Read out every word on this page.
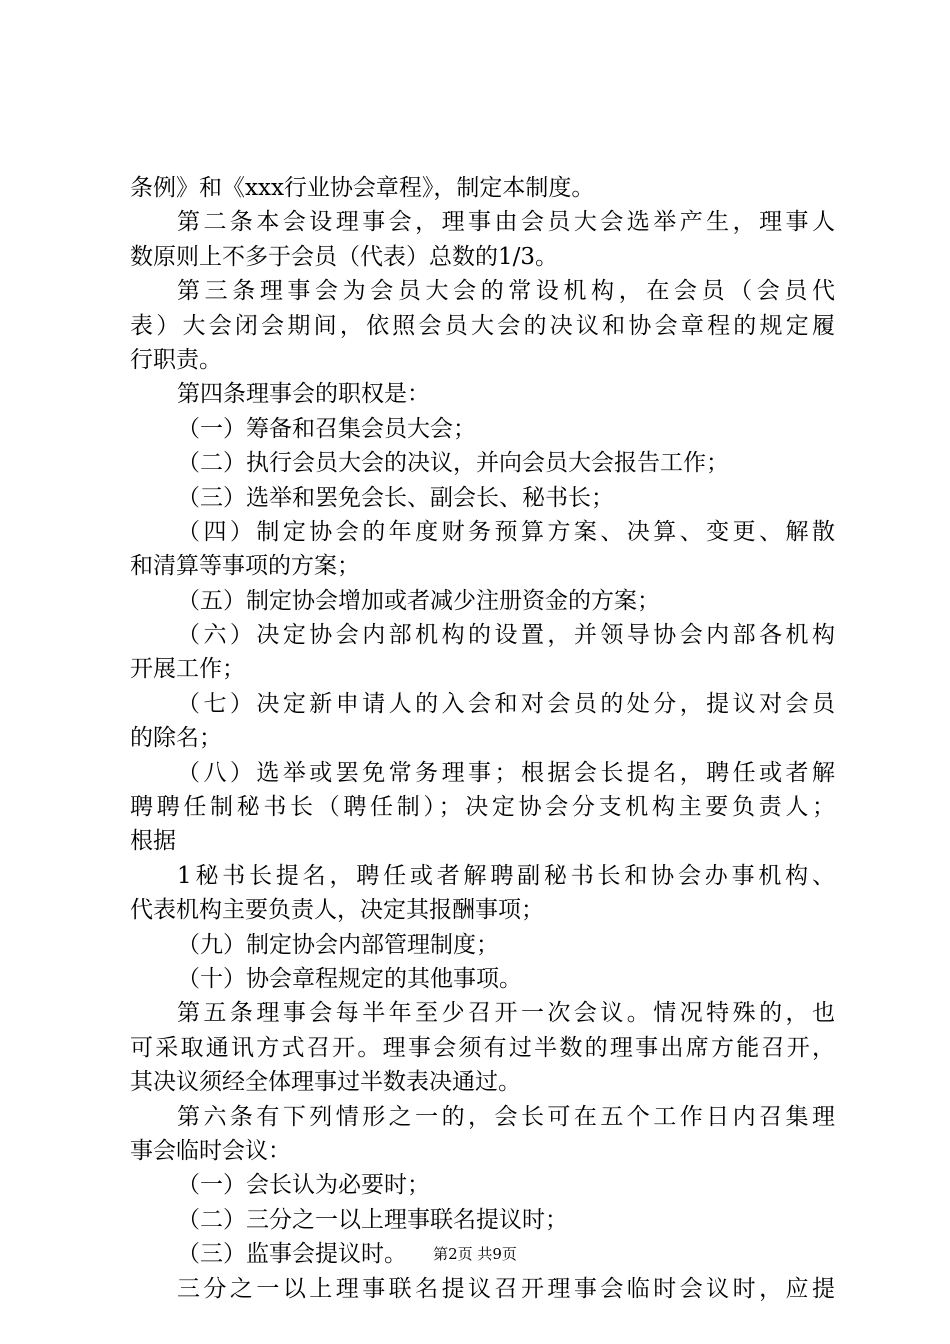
条例》和《xxx行业协会章程》，制定本制度。
第二条本会设理事会，理事由会员大会选举产生，理事人
数原则上不多于会员（代表）总数的1/3。
第三条理事会为会员大会的常设机构，在会员（会员代
表）大会闭会期间，依照会员大会的决议和协会章程的规定履
行职责。
第四条理事会的职权是：
（一）筹备和召集会员大会；
（二）执行会员大会的决议，并向会员大会报告工作；
（三）选举和罢免会长、副会长、秘书长；
（四）制定协会的年度财务预算方案、决算、变更、解散
和清算等事项的方案；
（五）制定协会增加或者减少注册资金的方案；
（六）决定协会内部机构的设置，并领导协会内部各机构
开展工作；
（七）决定新申请人的入会和对会员的处分，提议对会员
的除名；
（八）选举或罢免常务理事；根据会长提名，聘任或者解
聘聘任制秘书长（聘任制）；决定协会分支机构主要负责人；
根据
1秘书长提名，聘任或者解聘副秘书长和协会办事机构、
代表机构主要负责人，决定其报酬事项；
（九）制定协会内部管理制度；
（十）协会章程规定的其他事项。
第五条理事会每半年至少召开一次会议。情况特殊的，也
可采取通讯方式召开。理事会须有过半数的理事出席方能召开，
其决议须经全体理事过半数表决通过。
第六条有下列情形之一的，会长可在五个工作日内召集理
事会临时会议：
（一）会长认为必要时；
（二）三分之一以上理事联名提议时；
（三）监事会提议时。
三分之一以上理事联名提议召开理事会临时会议时，应提
第2页 共9页
